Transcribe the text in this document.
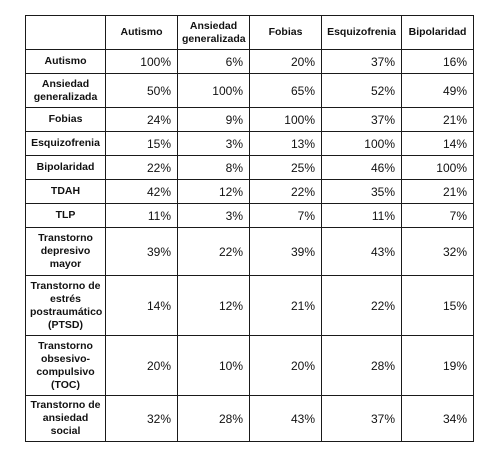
	Autismo	Ansiedad generalizada	Fobias	Esquizofrenia	Bipolaridad
Autismo	100%	6%	20%	37%	16%
Ansiedad generalizada	50%	100%	65%	52%	49%
Fobias	24%	9%	100%	37%	21%
Esquizofrenia	15%	3%	13%	100%	14%
Bipolaridad	22%	8%	25%	46%	100%
TDAH	42%	12%	22%	35%	21%
TLP	11%	3%	7%	11%	7%
Transtorno depresivo mayor	39%	22%	39%	43%	32%
Transtorno de estrés postraumático (PTSD)	14%	12%	21%	22%	15%
Transtorno obsesivo-compulsivo (TOC)	20%	10%	20%	28%	19%
Transtorno de ansiedad social	32%	28%	43%	37%	34%
